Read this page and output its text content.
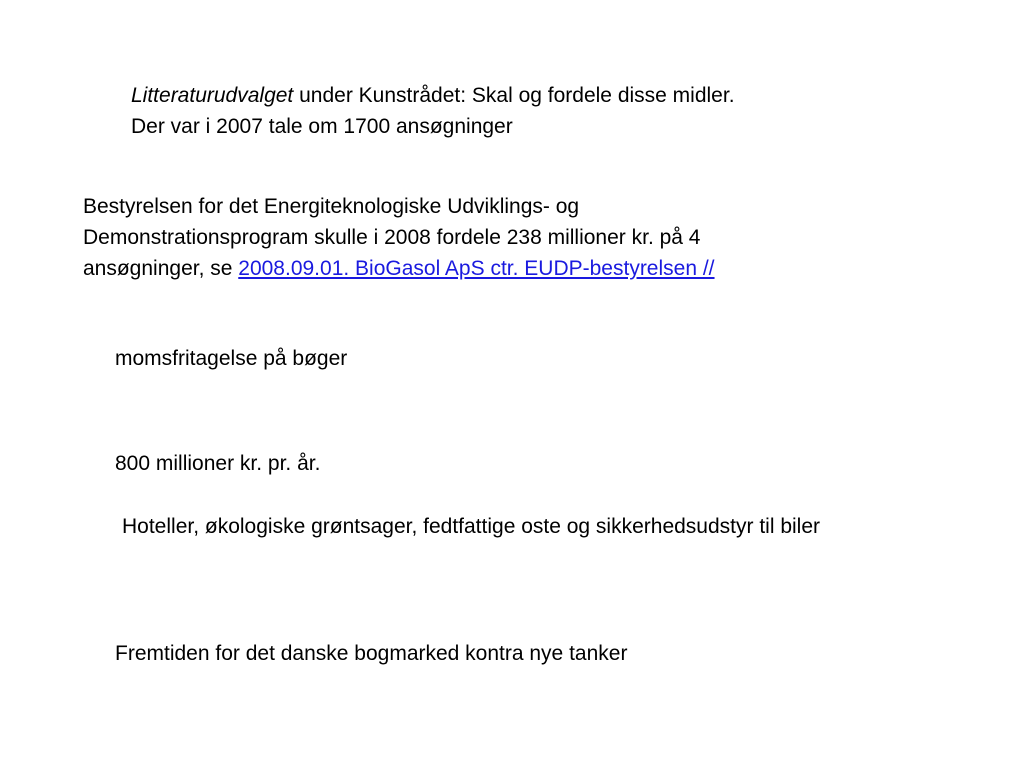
Litteraturudvalget under Kunstrådet: Skal og fordele disse midler.
Der var i 2007 tale om 1700 ansøgninger
Bestyrelsen for det Energiteknologiske Udviklings- og
Demonstrationsprogram skulle i 2008 fordele 238 millioner kr. på 4
ansøgninger, se 2008.09.01. BioGasol ApS ctr. EUDP-bestyrelsen //
momsfritagelse på bøger
800 millioner kr. pr. år.
Hoteller, økologiske grøntsager, fedtfattige oste og sikkerhedsudstyr til biler
Fremtiden for det danske bogmarked kontra nye tanker
